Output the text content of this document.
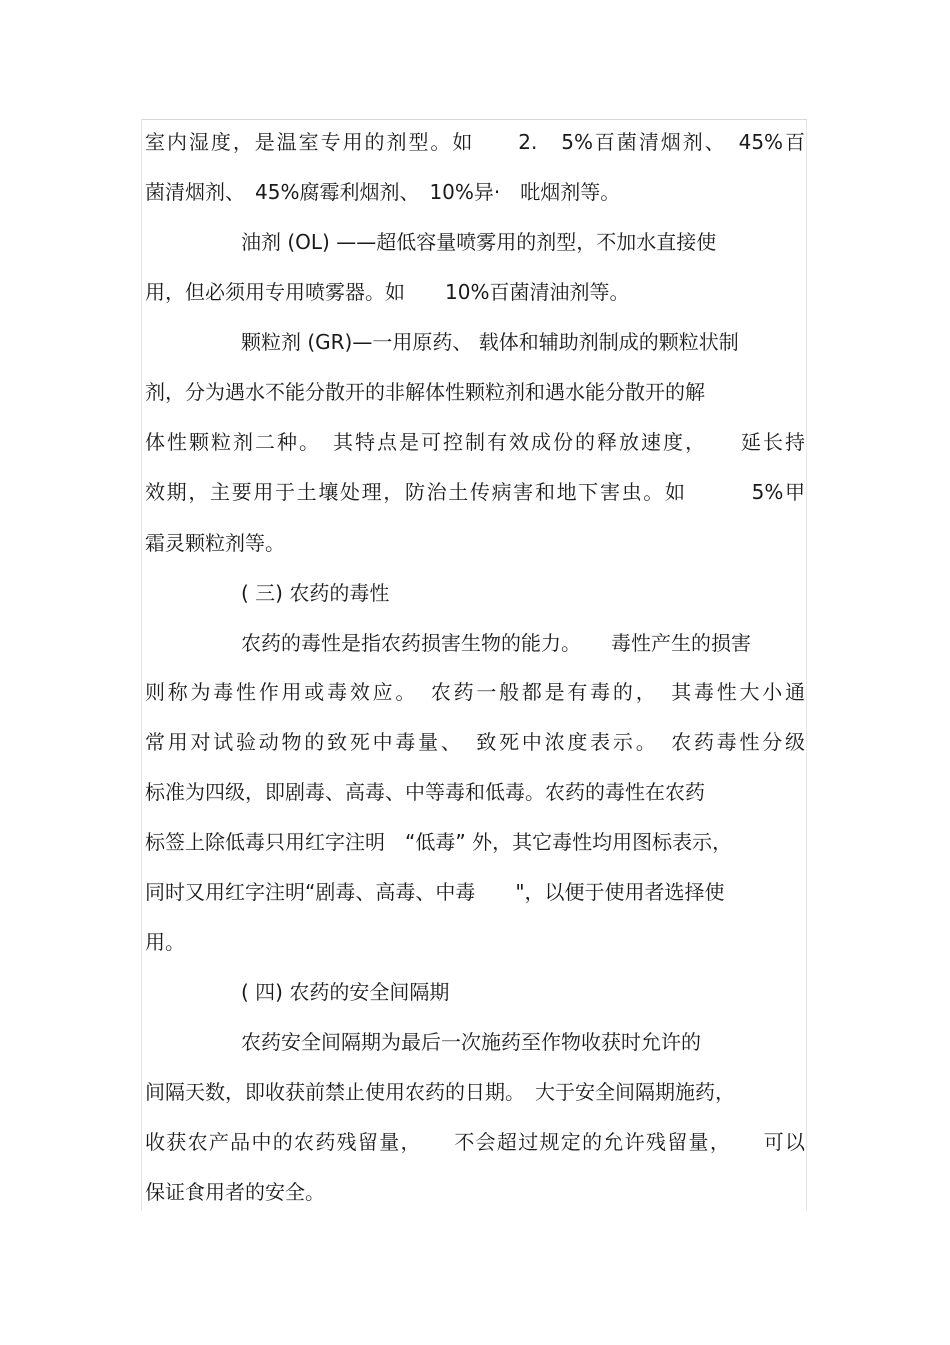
室内湿度，是温室专用的剂型。如　　2.　5%百菌清烟剂、　45%百
菌清烟剂、　45%腐霉利烟剂、　10%异·　吡烟剂等。
油剂 (OL) ——超低容量喷雾用的剂型，不加水直接使
用，但必须用专用喷雾器。如　　10%百菌清油剂等。
颗粒剂 (GR)—一用原药、 载体和辅助剂制成的颗粒状制
剂，分为遇水不能分散开的非解体性颗粒剂和遇水能分散开的解
体性颗粒剂二种。　其特点是可控制有效成份的释放速度，　　延长持
效期，主要用于土壤处理，防治土传病害和地下害虫。如　　　5%甲
霜灵颗粒剂等。
( 三) 农药的毒性
农药的毒性是指农药损害生物的能力。　　毒性产生的损害
则称为毒性作用或毒效应。　农药一般都是有毒的，　其毒性大小通
常用对试验动物的致死中毒量、　致死中浓度表示。　农药毒性分级
标准为四级，即剧毒、高毒、中等毒和低毒。农药的毒性在农药
标签上除低毒只用红字注明　“低毒” 外，其它毒性均用图标表示，
同时又用红字注明“剧毒、高毒、中毒　　"，以便于使用者选择使
用。
( 四) 农药的安全间隔期
农药安全间隔期为最后一次施药至作物收获时允许的
间隔天数，即收获前禁止使用农药的日期。　大于安全间隔期施药，
收获农产品中的农药残留量，　　不会超过规定的允许残留量，　　可以
保证食用者的安全。
